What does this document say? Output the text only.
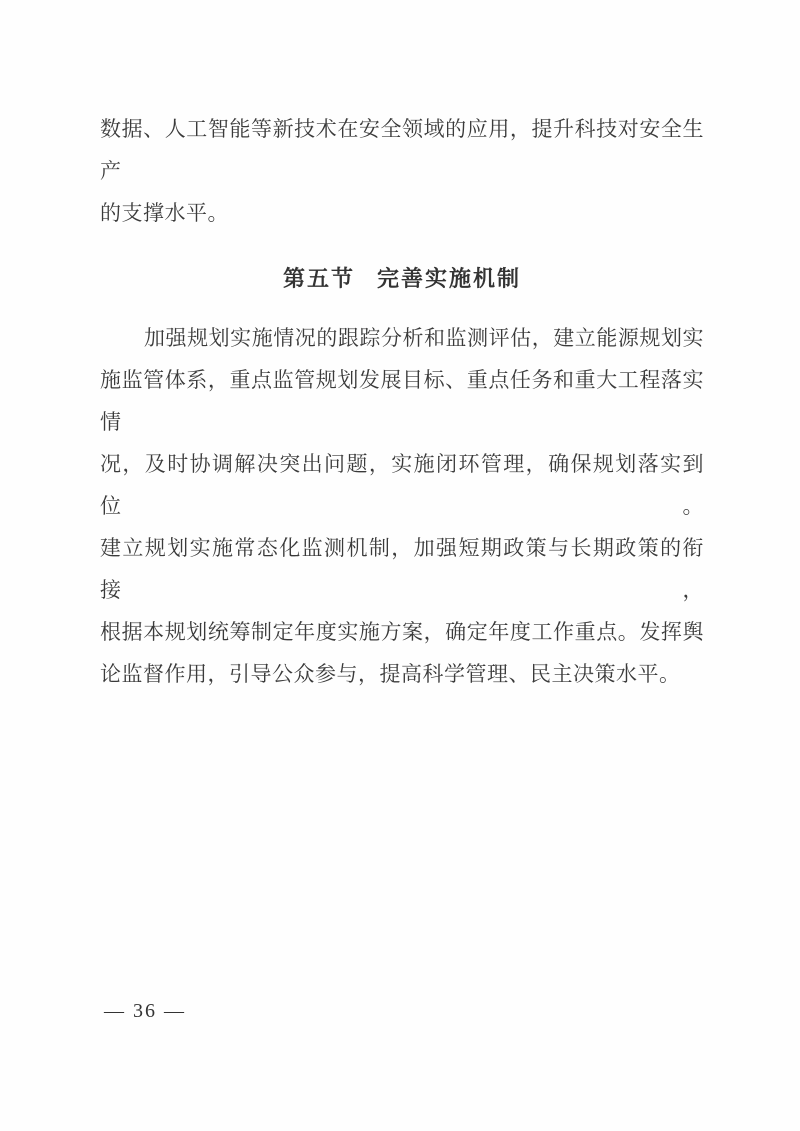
数据、人工智能等新技术在安全领域的应用，提升科技对安全生产
的支撑水平。

第五节 完善实施机制

加强规划实施情况的跟踪分析和监测评估，建立能源规划实
施监管体系，重点监管规划发展目标、重点任务和重大工程落实情
况，及时协调解决突出问题，实施闭环管理，确保规划落实到位。
建立规划实施常态化监测机制，加强短期政策与长期政策的衔接，
根据本规划统筹制定年度实施方案，确定年度工作重点。发挥舆
论监督作用，引导公众参与，提高科学管理、民主决策水平。

— 36 —
